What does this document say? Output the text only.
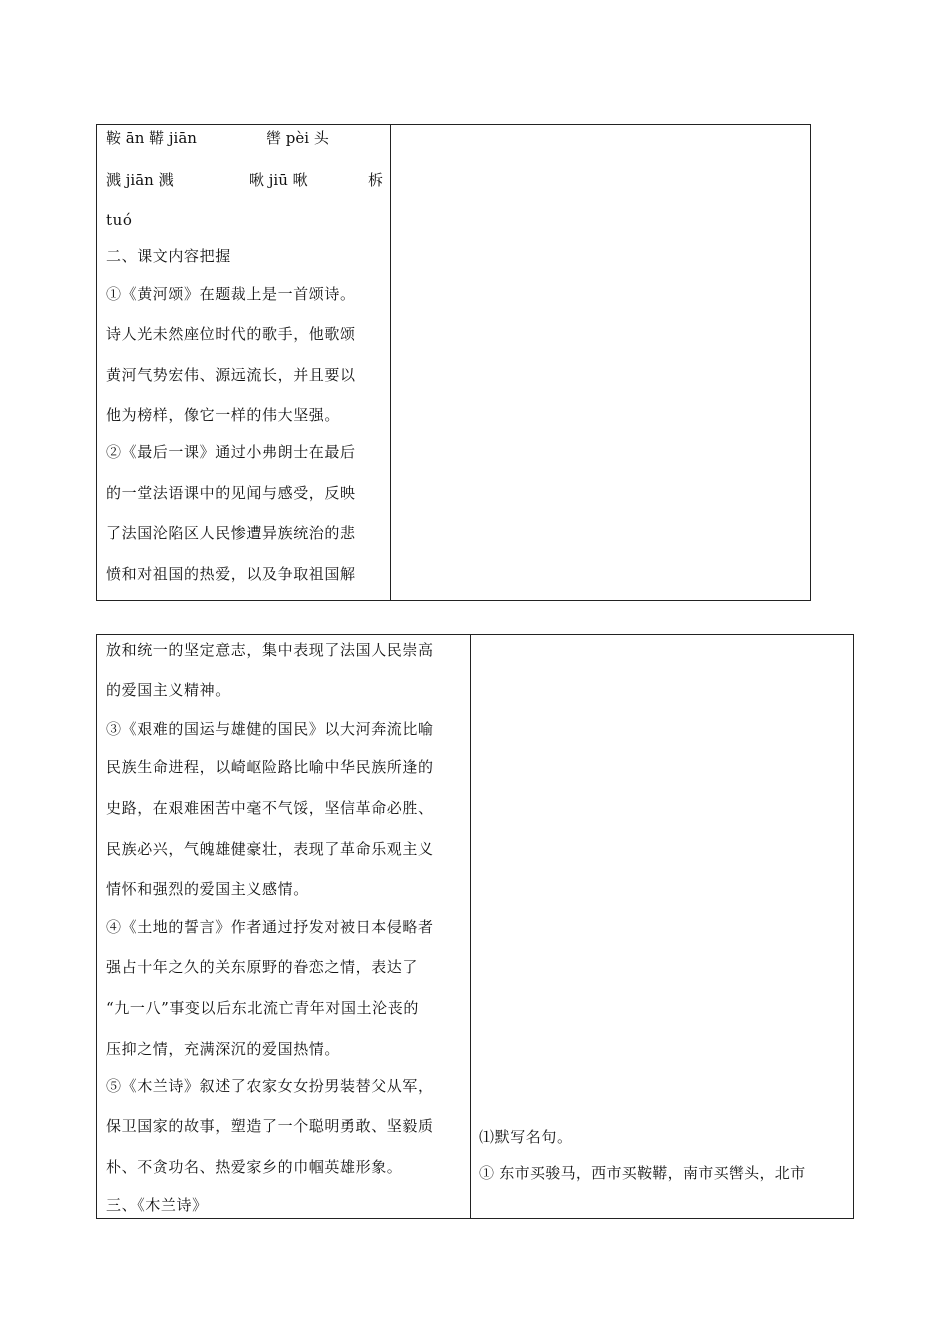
鞍 ān 鞯 jiān	辔 pèi 头
溅 jiān 溅	啾 jiū 啾	柝
tuó
二、课文内容把握
①《黄河颂》在题裁上是一首颂诗。
诗人光未然座位时代的歌手，他歌颂
黄河气势宏伟、源远流长，并且要以
他为榜样，像它一样的伟大坚强。
②《最后一课》通过小弗朗士在最后
的一堂法语课中的见闻与感受，反映
了法国沦陷区人民惨遭异族统治的悲
愤和对祖国的热爱，以及争取祖国解
放和统一的坚定意志，集中表现了法国人民崇高
的爱国主义精神。
③《艰难的国运与雄健的国民》以大河奔流比喻
民族生命进程，以崎岖险路比喻中华民族所逢的
史路，在艰难困苦中毫不气馁，坚信革命必胜、
民族必兴，气魄雄健豪壮，表现了革命乐观主义
情怀和强烈的爱国主义感情。
④《土地的誓言》作者通过抒发对被日本侵略者
强占十年之久的关东原野的眷恋之情，表达了
“九一八”事变以后东北流亡青年对国土沦丧的
压抑之情，充满深沉的爱国热情。
⑤《木兰诗》叙述了农家女女扮男装替父从军，
保卫国家的故事，塑造了一个聪明勇敢、坚毅质
朴、不贪功名、热爱家乡的巾帼英雄形象。
三、《木兰诗》
⑴默写名句。
① 东市买骏马，西市买鞍鞯，南市买辔头，北市
